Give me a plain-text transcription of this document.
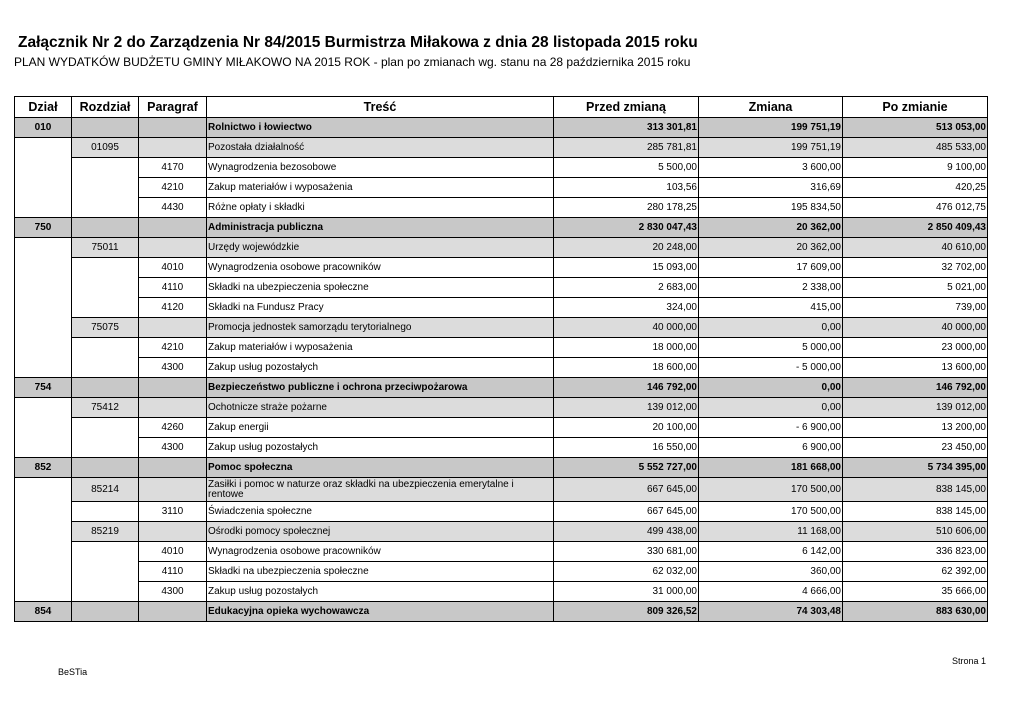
Załącznik Nr 2 do Zarządzenia Nr 84/2015 Burmistrza Miłakowa z dnia 28 listopada 2015 roku
PLAN WYDATKÓW BUDŻETU GMINY MIŁAKOWO NA 2015 ROK - plan po zmianach wg. stanu na 28 października 2015 roku
Dział	Rozdział	Paragraf	Treść	Przed zmianą	Zmiana	Po zmianie
010			Rolnictwo i łowiectwo	313 301,81	199 751,19	513 053,00
	01095		Pozostała działalność	285 781,81	199 751,19	485 533,00
		4170	Wynagrodzenia bezosobowe	5 500,00	3 600,00	9 100,00
		4210	Zakup materiałów i wyposażenia	103,56	316,69	420,25
		4430	Różne opłaty i składki	280 178,25	195 834,50	476 012,75
750			Administracja publiczna	2 830 047,43	20 362,00	2 850 409,43
	75011		Urzędy wojewódzkie	20 248,00	20 362,00	40 610,00
		4010	Wynagrodzenia osobowe pracowników	15 093,00	17 609,00	32 702,00
		4110	Składki na ubezpieczenia społeczne	2 683,00	2 338,00	5 021,00
		4120	Składki na Fundusz Pracy	324,00	415,00	739,00
	75075		Promocja jednostek samorządu terytorialnego	40 000,00	0,00	40 000,00
		4210	Zakup materiałów i wyposażenia	18 000,00	5 000,00	23 000,00
		4300	Zakup usług pozostałych	18 600,00	- 5 000,00	13 600,00
754			Bezpieczeństwo publiczne i ochrona przeciwpożarowa	146 792,00	0,00	146 792,00
	75412		Ochotnicze straże pożarne	139 012,00	0,00	139 012,00
		4260	Zakup energii	20 100,00	- 6 900,00	13 200,00
		4300	Zakup usług pozostałych	16 550,00	6 900,00	23 450,00
852			Pomoc społeczna	5 552 727,00	181 668,00	5 734 395,00
	85214		Zasiłki i pomoc w naturze oraz składki na ubezpieczenia emerytalne i rentowe	667 645,00	170 500,00	838 145,00
		3110	Świadczenia społeczne	667 645,00	170 500,00	838 145,00
	85219		Ośrodki pomocy społecznej	499 438,00	11 168,00	510 606,00
		4010	Wynagrodzenia osobowe pracowników	330 681,00	6 142,00	336 823,00
		4110	Składki na ubezpieczenia społeczne	62 032,00	360,00	62 392,00
		4300	Zakup usług pozostałych	31 000,00	4 666,00	35 666,00
854			Edukacyjna opieka wychowawcza	809 326,52	74 303,48	883 630,00
BeSTia
Strona 1
